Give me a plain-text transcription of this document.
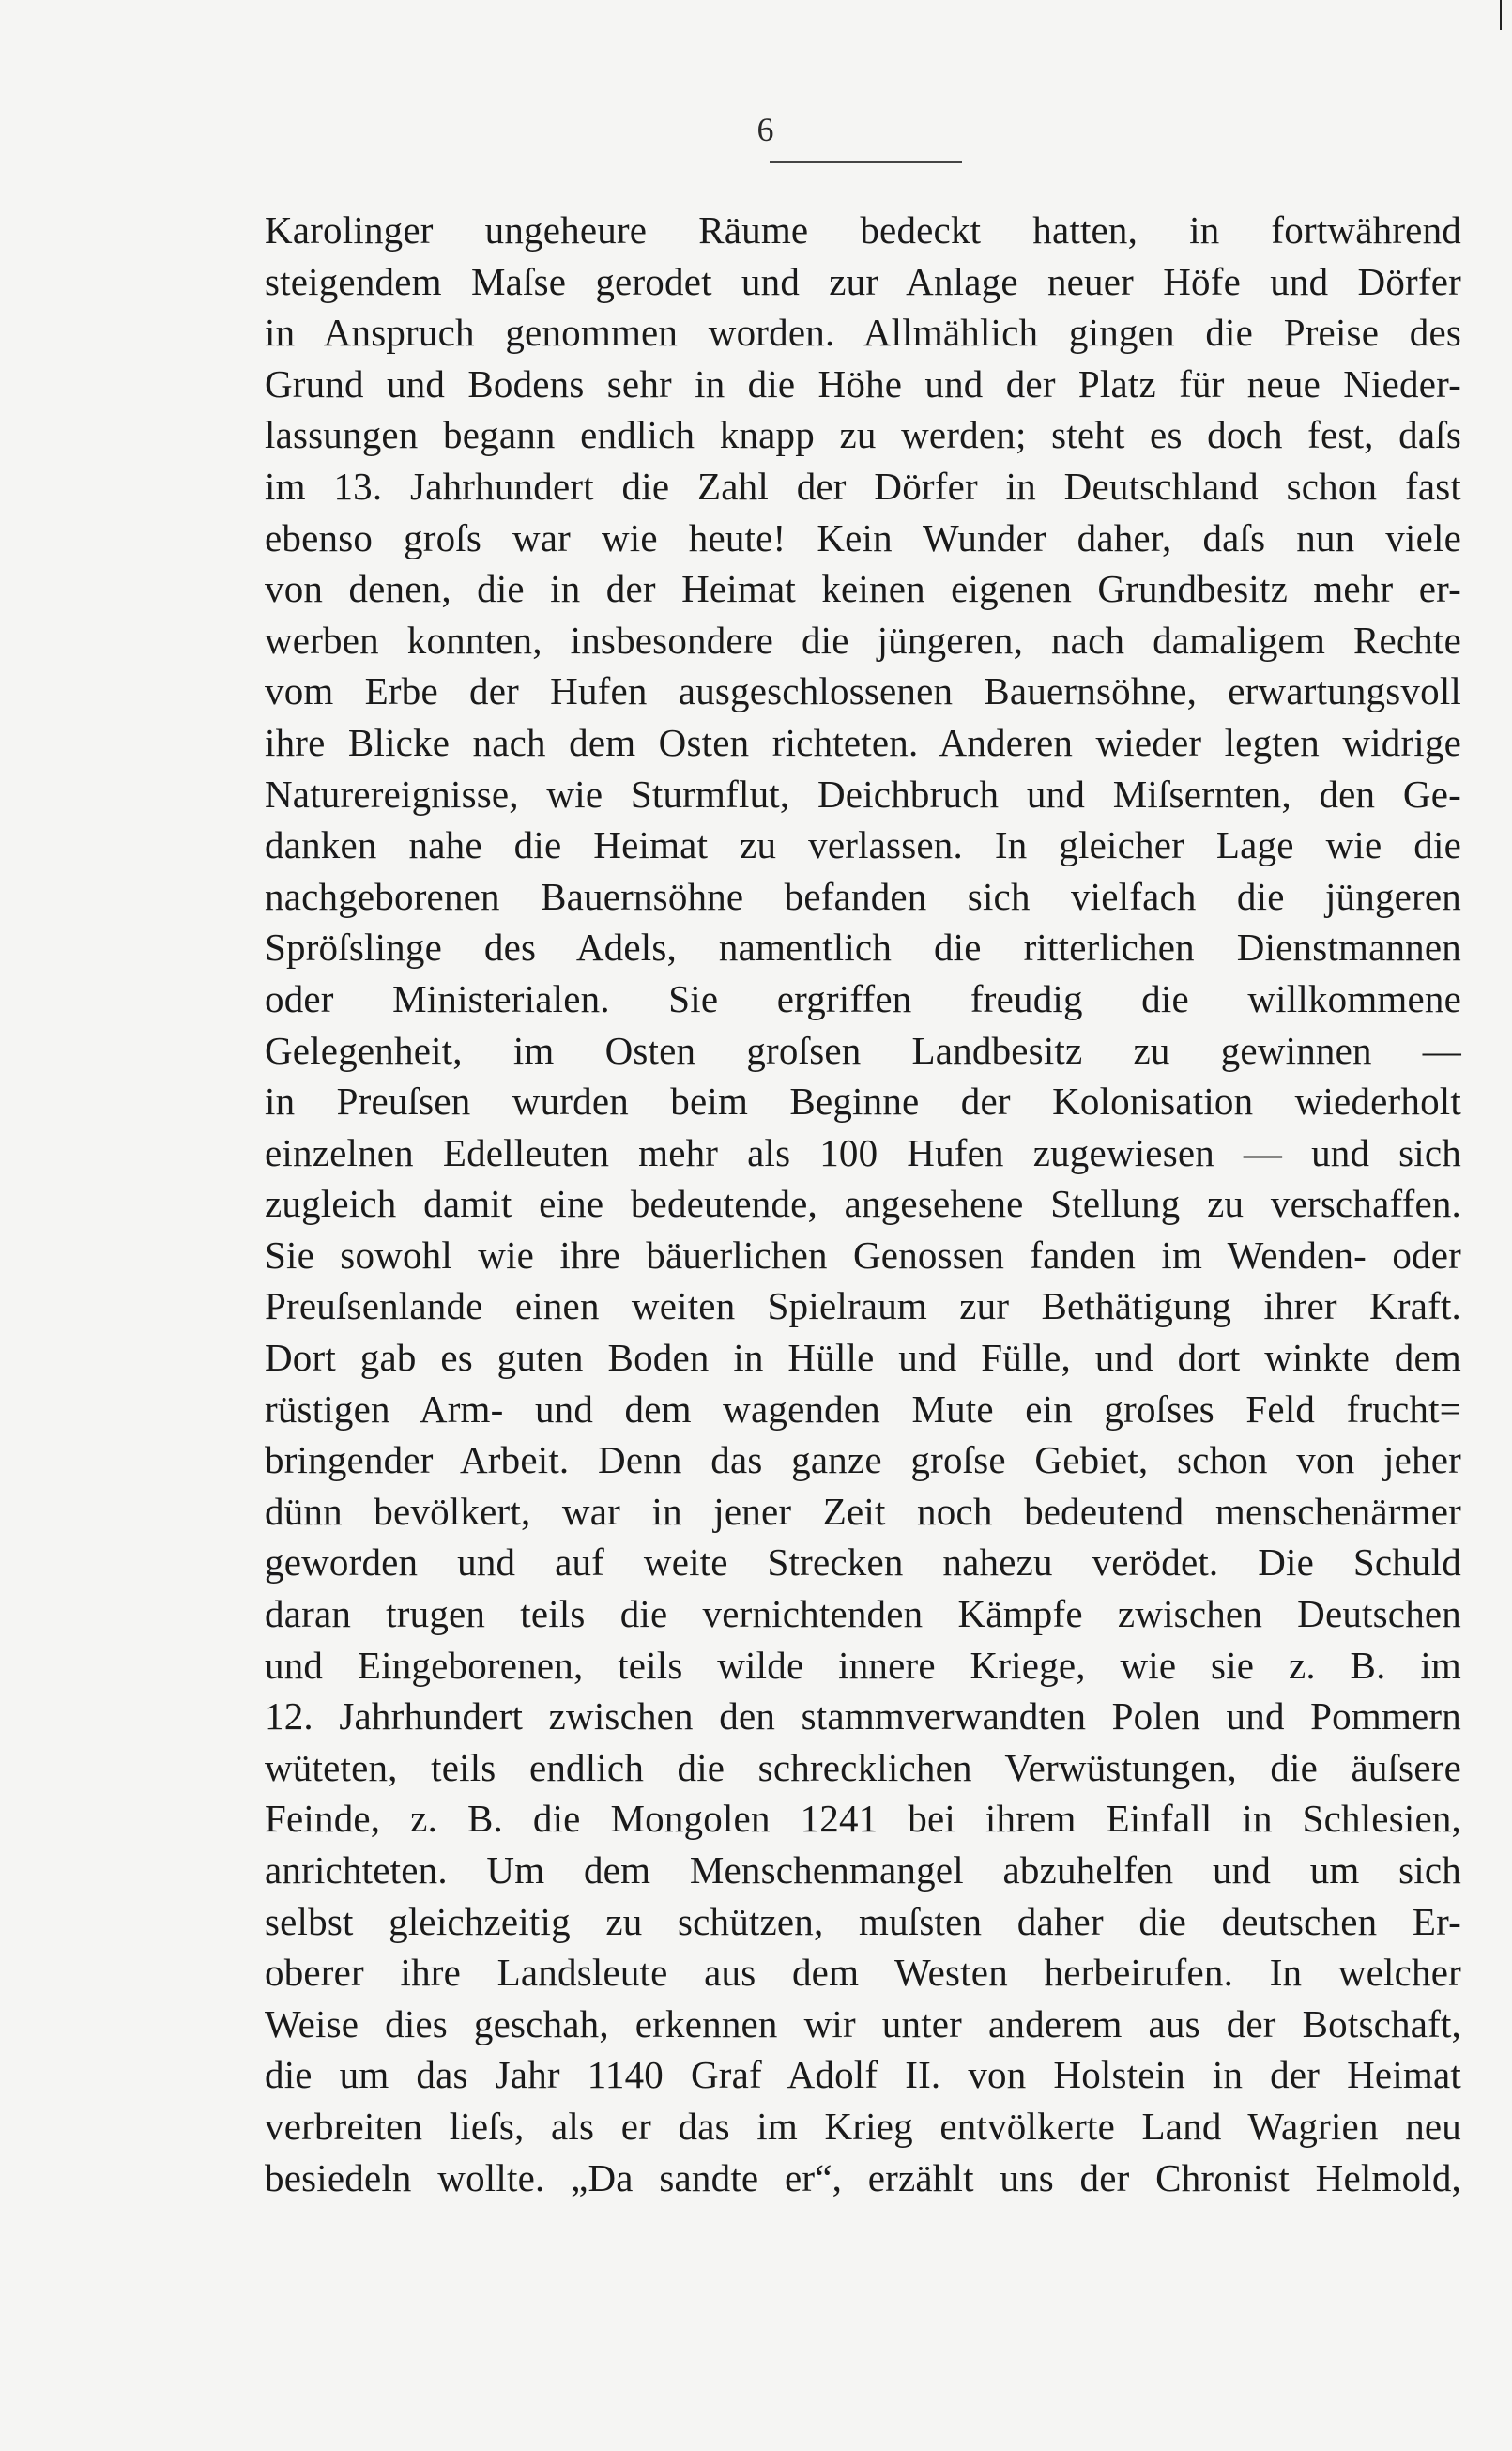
6
Karolinger ungeheure Räume bedeckt hatten, in fortwährend
steigendem Maſse gerodet und zur Anlage neuer Höfe und Dörfer
in Anspruch genommen worden. Allmählich gingen die Preise des
Grund und Bodens sehr in die Höhe und der Platz für neue Nieder-
lassungen begann endlich knapp zu werden; steht es doch fest, daſs
im 13. Jahrhundert die Zahl der Dörfer in Deutschland schon fast
ebenso groſs war wie heute! Kein Wunder daher, daſs nun viele
von denen, die in der Heimat keinen eigenen Grundbesitz mehr er-
werben konnten, insbesondere die jüngeren, nach damaligem Rechte
vom Erbe der Hufen ausgeschlossenen Bauernsöhne, erwartungsvoll
ihre Blicke nach dem Osten richteten. Anderen wieder legten widrige
Naturereignisse, wie Sturmflut, Deichbruch und Miſsernten, den Ge-
danken nahe die Heimat zu verlassen. In gleicher Lage wie die
nachgeborenen Bauernsöhne befanden sich vielfach die jüngeren
Spröſslinge des Adels, namentlich die ritterlichen Dienstmannen
oder Ministerialen. Sie ergriffen freudig die willkommene
Gelegenheit, im Osten groſsen Landbesitz zu gewinnen —
in Preuſsen wurden beim Beginne der Kolonisation wiederholt
einzelnen Edelleuten mehr als 100 Hufen zugewiesen — und sich
zugleich damit eine bedeutende, angesehene Stellung zu verschaffen.
Sie sowohl wie ihre bäuerlichen Genossen fanden im Wenden- oder
Preuſsenlande einen weiten Spielraum zur Bethätigung ihrer Kraft.
Dort gab es guten Boden in Hülle und Fülle, und dort winkte dem
rüstigen Arm- und dem wagenden Mute ein groſses Feld frucht=
bringender Arbeit. Denn das ganze groſse Gebiet, schon von jeher
dünn bevölkert, war in jener Zeit noch bedeutend menschenärmer
geworden und auf weite Strecken nahezu verödet. Die Schuld
daran trugen teils die vernichtenden Kämpfe zwischen Deutschen
und Eingeborenen, teils wilde innere Kriege, wie sie z. B. im
12. Jahrhundert zwischen den stammverwandten Polen und Pommern
wüteten, teils endlich die schrecklichen Verwüstungen, die äuſsere
Feinde, z. B. die Mongolen 1241 bei ihrem Einfall in Schlesien,
anrichteten. Um dem Menschenmangel abzuhelfen und um sich
selbst gleichzeitig zu schützen, muſsten daher die deutschen Er-
oberer ihre Landsleute aus dem Westen herbeirufen. In welcher
Weise dies geschah, erkennen wir unter anderem aus der Botschaft,
die um das Jahr 1140 Graf Adolf II. von Holstein in der Heimat
verbreiten lieſs, als er das im Krieg entvölkerte Land Wagrien neu
besiedeln wollte. „Da sandte er“, erzählt uns der Chronist Helmold,
